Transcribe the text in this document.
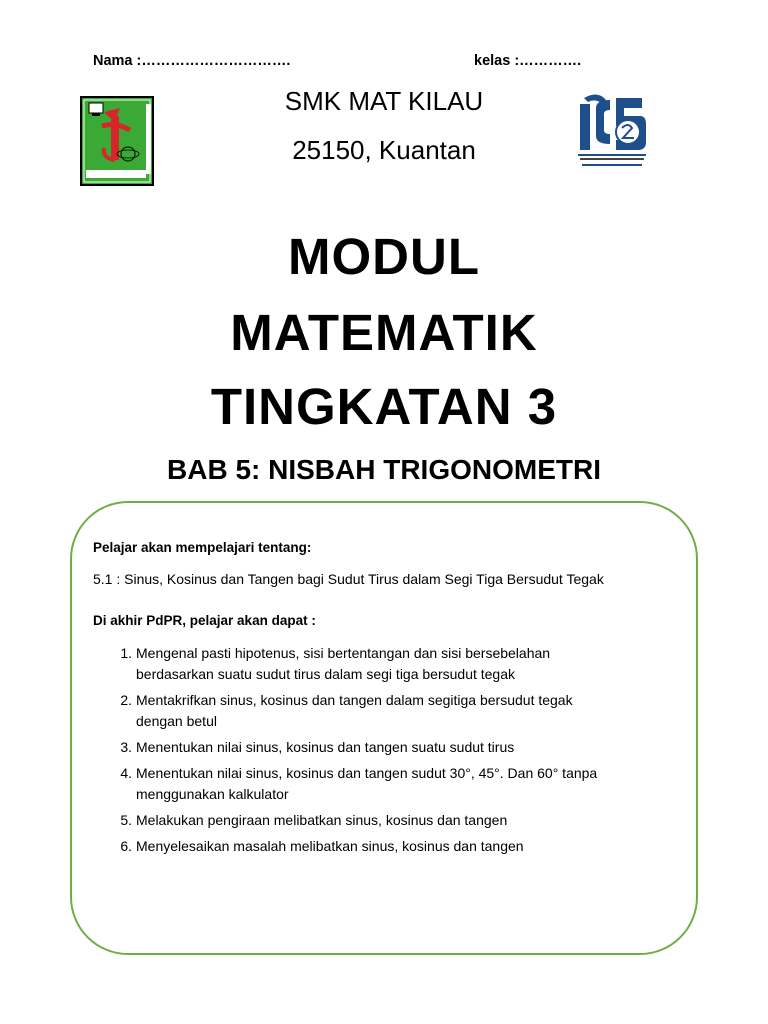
Nama :………………………….	kelas :………….
SMK MAT KILAU
25150, Kuantan
MODUL
MATEMATIK
TINGKATAN 3
BAB 5: NISBAH TRIGONOMETRI
Pelajar akan mempelajari tentang:
5.1 : Sinus, Kosinus dan Tangen bagi Sudut Tirus dalam Segi Tiga Bersudut Tegak
Di akhir PdPR, pelajar akan dapat :
1. Mengenal pasti hipotenus, sisi bertentangan dan sisi bersebelahan
berdasarkan suatu sudut tirus dalam segi tiga bersudut tegak
2. Mentakrifkan sinus, kosinus dan tangen dalam segitiga bersudut tegak
dengan betul
3. Menentukan nilai sinus, kosinus dan tangen suatu sudut tirus
4. Menentukan nilai sinus, kosinus dan tangen sudut 30°, 45°. Dan 60° tanpa
menggunakan kalkulator
5. Melakukan pengiraan melibatkan sinus, kosinus dan tangen
6. Menyelesaikan masalah melibatkan sinus, kosinus dan tangen
